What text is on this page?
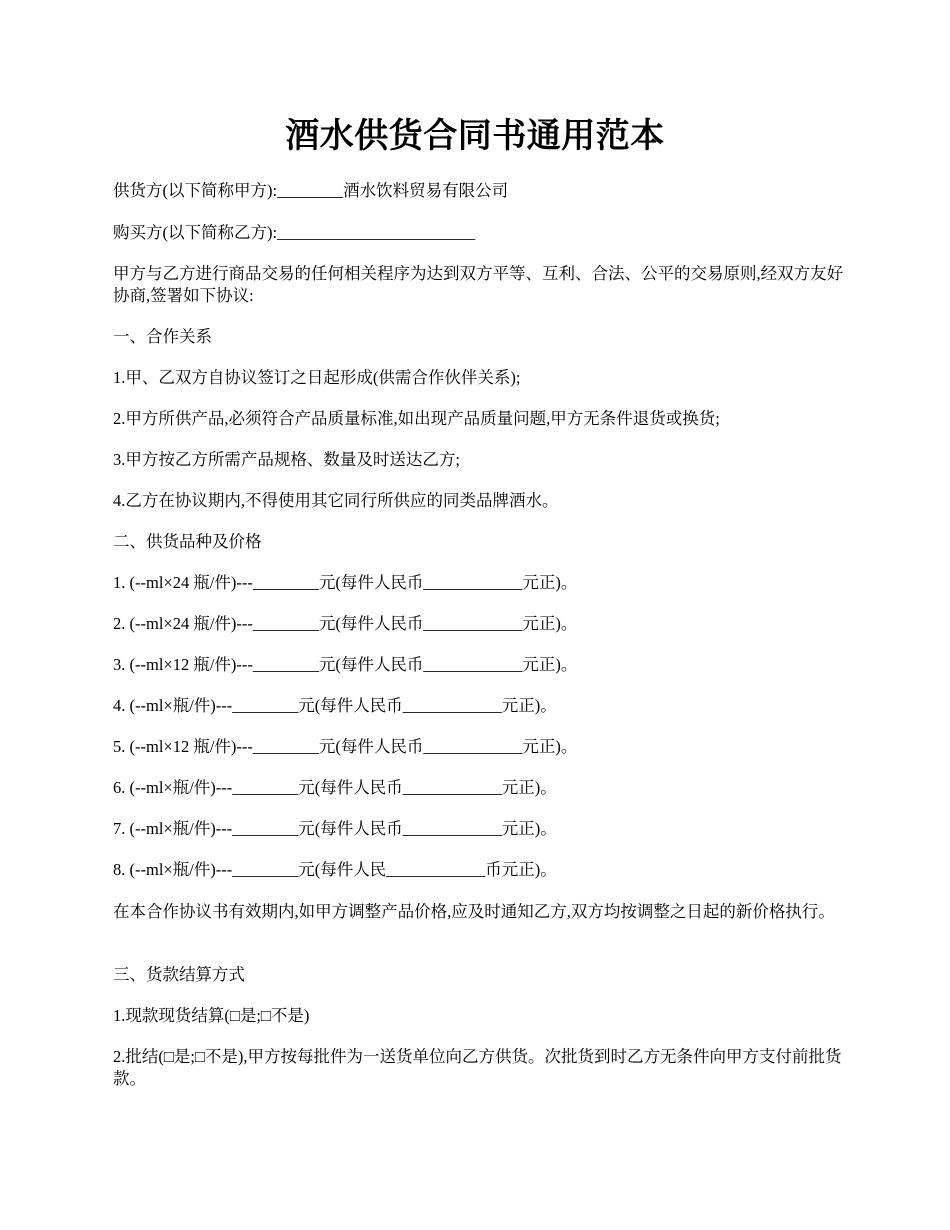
酒水供货合同书通用范本

供货方(以下简称甲方):________酒水饮料贸易有限公司

购买方(以下简称乙方):________________________

甲方与乙方进行商品交易的任何相关程序为达到双方平等、互利、合法、公平的交易原则,经双方友好协商,签署如下协议:

一、合作关系

1.甲、乙双方自协议签订之日起形成(供需合作伙伴关系);

2.甲方所供产品,必须符合产品质量标准,如出现产品质量问题,甲方无条件退货或换货;

3.甲方按乙方所需产品规格、数量及时送达乙方;

4.乙方在协议期内,不得使用其它同行所供应的同类品牌酒水。

二、供货品种及价格

1. (--ml×24 瓶/件)---________元(每件人民币____________元正)。

2. (--ml×24 瓶/件)---________元(每件人民币____________元正)。

3. (--ml×12 瓶/件)---________元(每件人民币____________元正)。

4. (--ml×瓶/件)---________元(每件人民币____________元正)。

5. (--ml×12 瓶/件)---________元(每件人民币____________元正)。

6. (--ml×瓶/件)---________元(每件人民币____________元正)。

7. (--ml×瓶/件)---________元(每件人民币____________元正)。

8. (--ml×瓶/件)---________元(每件人民____________币元正)。

在本合作协议书有效期内,如甲方调整产品价格,应及时通知乙方,双方均按调整之日起的新价格执行。

三、货款结算方式

1.现款现货结算(□是;□不是)

2.批结(□是;□不是),甲方按每批件为一送货单位向乙方供货。次批货到时乙方无条件向甲方支付前批货款。
